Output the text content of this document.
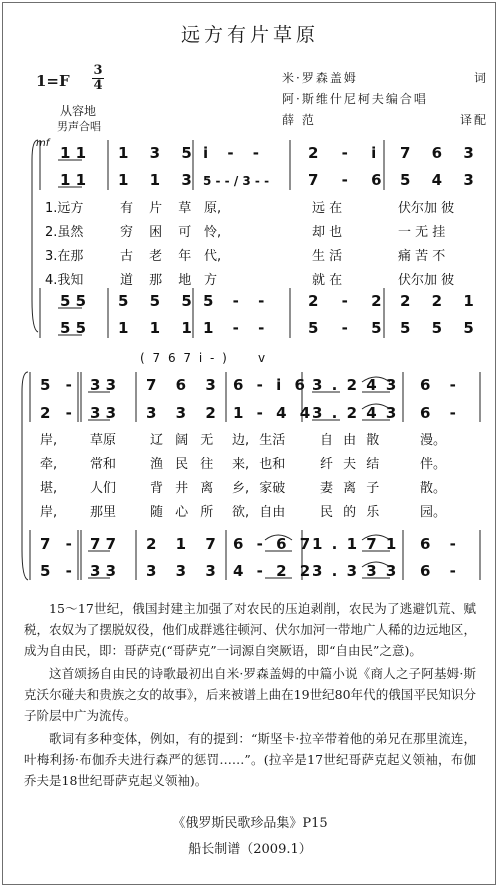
远方有片草原
1=F
3
4
从容地
男声合唱
米·罗森盖姆	词
阿·斯维什尼柯夫编合唱
薛 范	译配
mf
v
1 1 1 3 5 i - -	2 - i 7 6 3
1 1 1 1 3 5 - - / 3 - -	7 - 6 5 4 3
1.远方	有 片 草 原,	远 在	伏尔加 彼
2.虽然	穷 困 可 怜,	却 也	一 无 挂
3.在那	古 老 年 代,	生 活	痛 苦 不
4.我知	道 那 地 方	就 在	伏尔加 彼
5 5 5 5 5 5 - -	2 - 2 2 2 1
5 5 1 1 1 1 - -	5 - 5 5 5 5
( 7 6 7 i - )
5 - 3 3 7 6 3 6 - i 6 3 . 2 4 3 6 -
2 - 3 3 3 3 2 1 - 4 4 3 . 2 4 3 6 -
岸,	草原	辽 阔 无 边, 生活	自 由 散	漫。
牵,	常和	渔 民 往 来, 也和	纤 夫 结	伴。
堪,	人们	背 井 离 乡, 家破	妻 离 子	散。
岸,	那里	随 心 所 欲, 自由	民 的 乐	园。
7 - 7 7 2 1 7 6 - 6 7 1 . 1 7 1 6 -
5 - 3 3 3 3 3 4 - 2 2 3 . 3 3 3 6 -

15～17世纪，俄国封建主加强了对农民的压迫剥削，农民为了逃避饥荒、赋税，农奴为了摆脱奴役，他们成群逃往顿河、伏尔加河一带地广人稀的边远地区，成为自由民，即：哥萨克(“哥萨克”一词源自突厥语，即“自由民”之意)。

这首颂扬自由民的诗歌最初出自米·罗森盖姆的中篇小说《商人之子阿基姆·斯克沃尔碰夫和贵族之女的故事》，后来被谱上曲在19世纪80年代的俄国平民知识分子阶层中广为流传。

歌词有多种变体，例如，有的提到：“斯坚卡·拉辛带着他的弟兄在那里流连，叶梅利扬·布伽乔夫进行森严的惩罚……”。(拉辛是17世纪哥萨克起义领袖，布伽乔夫是18世纪哥萨克起义领袖)。

《俄罗斯民歌珍品集》P15
船长制谱（2009.1）
